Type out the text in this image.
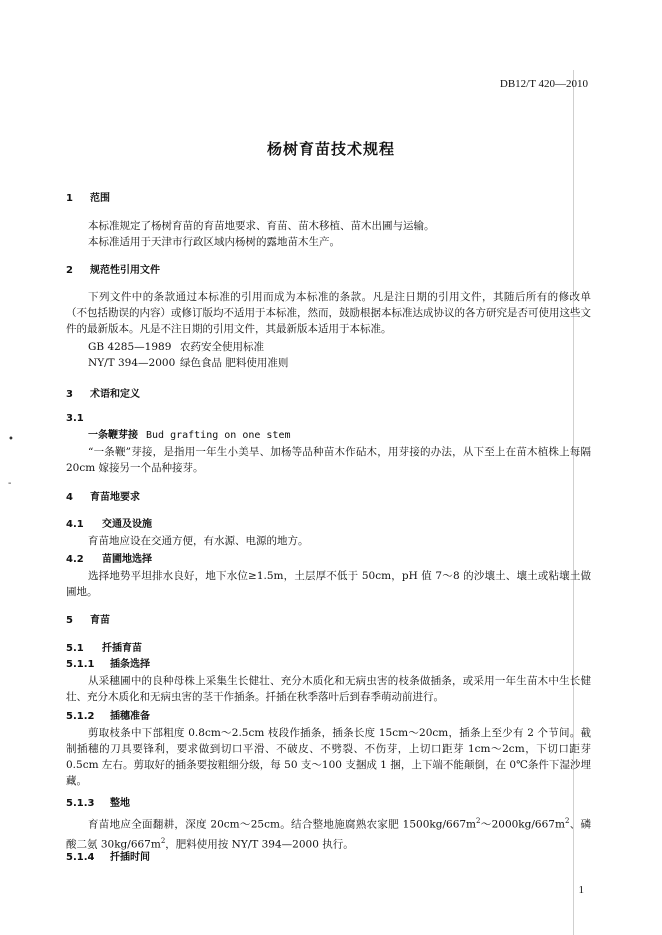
•
-
DB12/T 420—2010
杨树育苗技术规程
1 范围
本标准规定了杨树育苗的育苗地要求、育苗、苗木移植、苗木出圃与运输。
本标准适用于天津市行政区域内杨树的露地苗木生产。
2 规范性引用文件
下列文件中的条款通过本标准的引用而成为本标准的条款。凡是注日期的引用文件，其随后所有的修改单（不包括勘误的内容）或修订版均不适用于本标准，然而，鼓励根据本标准达成协议的各方研究是否可使用这些文件的最新版本。凡是不注日期的引用文件，其最新版本适用于本标准。
GB 4285—1989 农药安全使用标准
NY/T 394—2000 绿色食品 肥料使用准则
3 术语和定义
3.1
一条鞭芽接 Bud grafting on one stem
“一条鞭”芽接，是指用一年生小美旱、加杨等品种苗木作砧木，用芽接的办法，从下至上在苗木植株上每隔 20cm 嫁接另一个品种接芽。
4 育苗地要求
4.1 交通及设施
育苗地应设在交通方便，有水源、电源的地方。
4.2 苗圃地选择
选择地势平坦排水良好，地下水位≥1.5m，土层厚不低于 50cm，pH 值 7～8 的沙壤土、壤土或粘壤土做圃地。
5 育苗
5.1 扦插育苗
5.1.1 插条选择
从采穗圃中的良种母株上采集生长健壮、充分木质化和无病虫害的枝条做插条，或采用一年生苗木中生长健壮、充分木质化和无病虫害的茎干作插条。扦插在秋季落叶后到春季萌动前进行。
5.1.2 插穗准备
剪取枝条中下部粗度 0.8cm～2.5cm 枝段作插条，插条长度 15cm～20cm，插条上至少有 2 个节间。截制插穗的刀具要锋利，要求做到切口平滑、不破皮、不劈裂、不伤芽，上切口距芽 1cm～2cm，下切口距芽 0.5cm 左右。剪取好的插条要按粗细分级，每 50 支～100 支捆成 1 捆，上下端不能颠倒，在 0℃条件下湿沙埋藏。
5.1.3 整地
育苗地应全面翻耕，深度 20cm～25cm。结合整地施腐熟农家肥 $1500kg/667m^2\sim 2000kg/667m^2$、磷酸二氨 $30kg/667m^2$，肥料使用按 NY/T 394—2000 执行。
5.1.4 扦插时间
1
